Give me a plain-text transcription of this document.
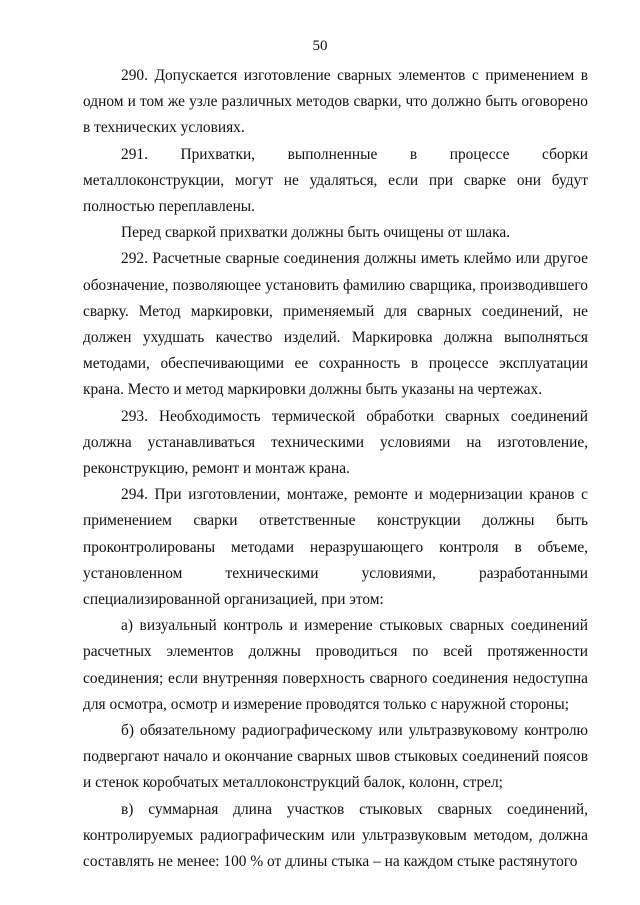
50

290. Допускается изготовление сварных элементов с применением в одном и том же узле различных методов сварки, что должно быть оговорено в технических условиях.

291. Прихватки, выполненные в процессе сборки металлоконструкции, могут не удаляться, если при сварке они будут полностью переплавлены.

Перед сваркой прихватки должны быть очищены от шлака.

292. Расчетные сварные соединения должны иметь клеймо или другое обозначение, позволяющее установить фамилию сварщика, производившего сварку. Метод маркировки, применяемый для сварных соединений, не должен ухудшать качество изделий. Маркировка должна выполняться методами, обеспечивающими ее сохранность в процессе эксплуатации крана. Место и метод маркировки должны быть указаны на чертежах.

293. Необходимость термической обработки сварных соединений должна устанавливаться техническими условиями на изготовление, реконструкцию, ремонт и монтаж крана.

294. При изготовлении, монтаже, ремонте и модернизации кранов с применением сварки ответственные конструкции должны быть проконтролированы методами неразрушающего контроля в объеме, установленном техническими условиями, разработанными специализированной организацией, при этом:

а) визуальный контроль и измерение стыковых сварных соединений расчетных элементов должны проводиться по всей протяженности соединения; если внутренняя поверхность сварного соединения недоступна для осмотра, осмотр и измерение проводятся только с наружной стороны;

б) обязательному радиографическому или ультразвуковому контролю подвергают начало и окончание сварных швов стыковых соединений поясов и стенок коробчатых металлоконструкций балок, колонн, стрел;

в) суммарная длина участков стыковых сварных соединений, контролируемых радиографическим или ультразвуковым методом, должна составлять не менее: 100 % от длины стыка – на каждом стыке растянутого
